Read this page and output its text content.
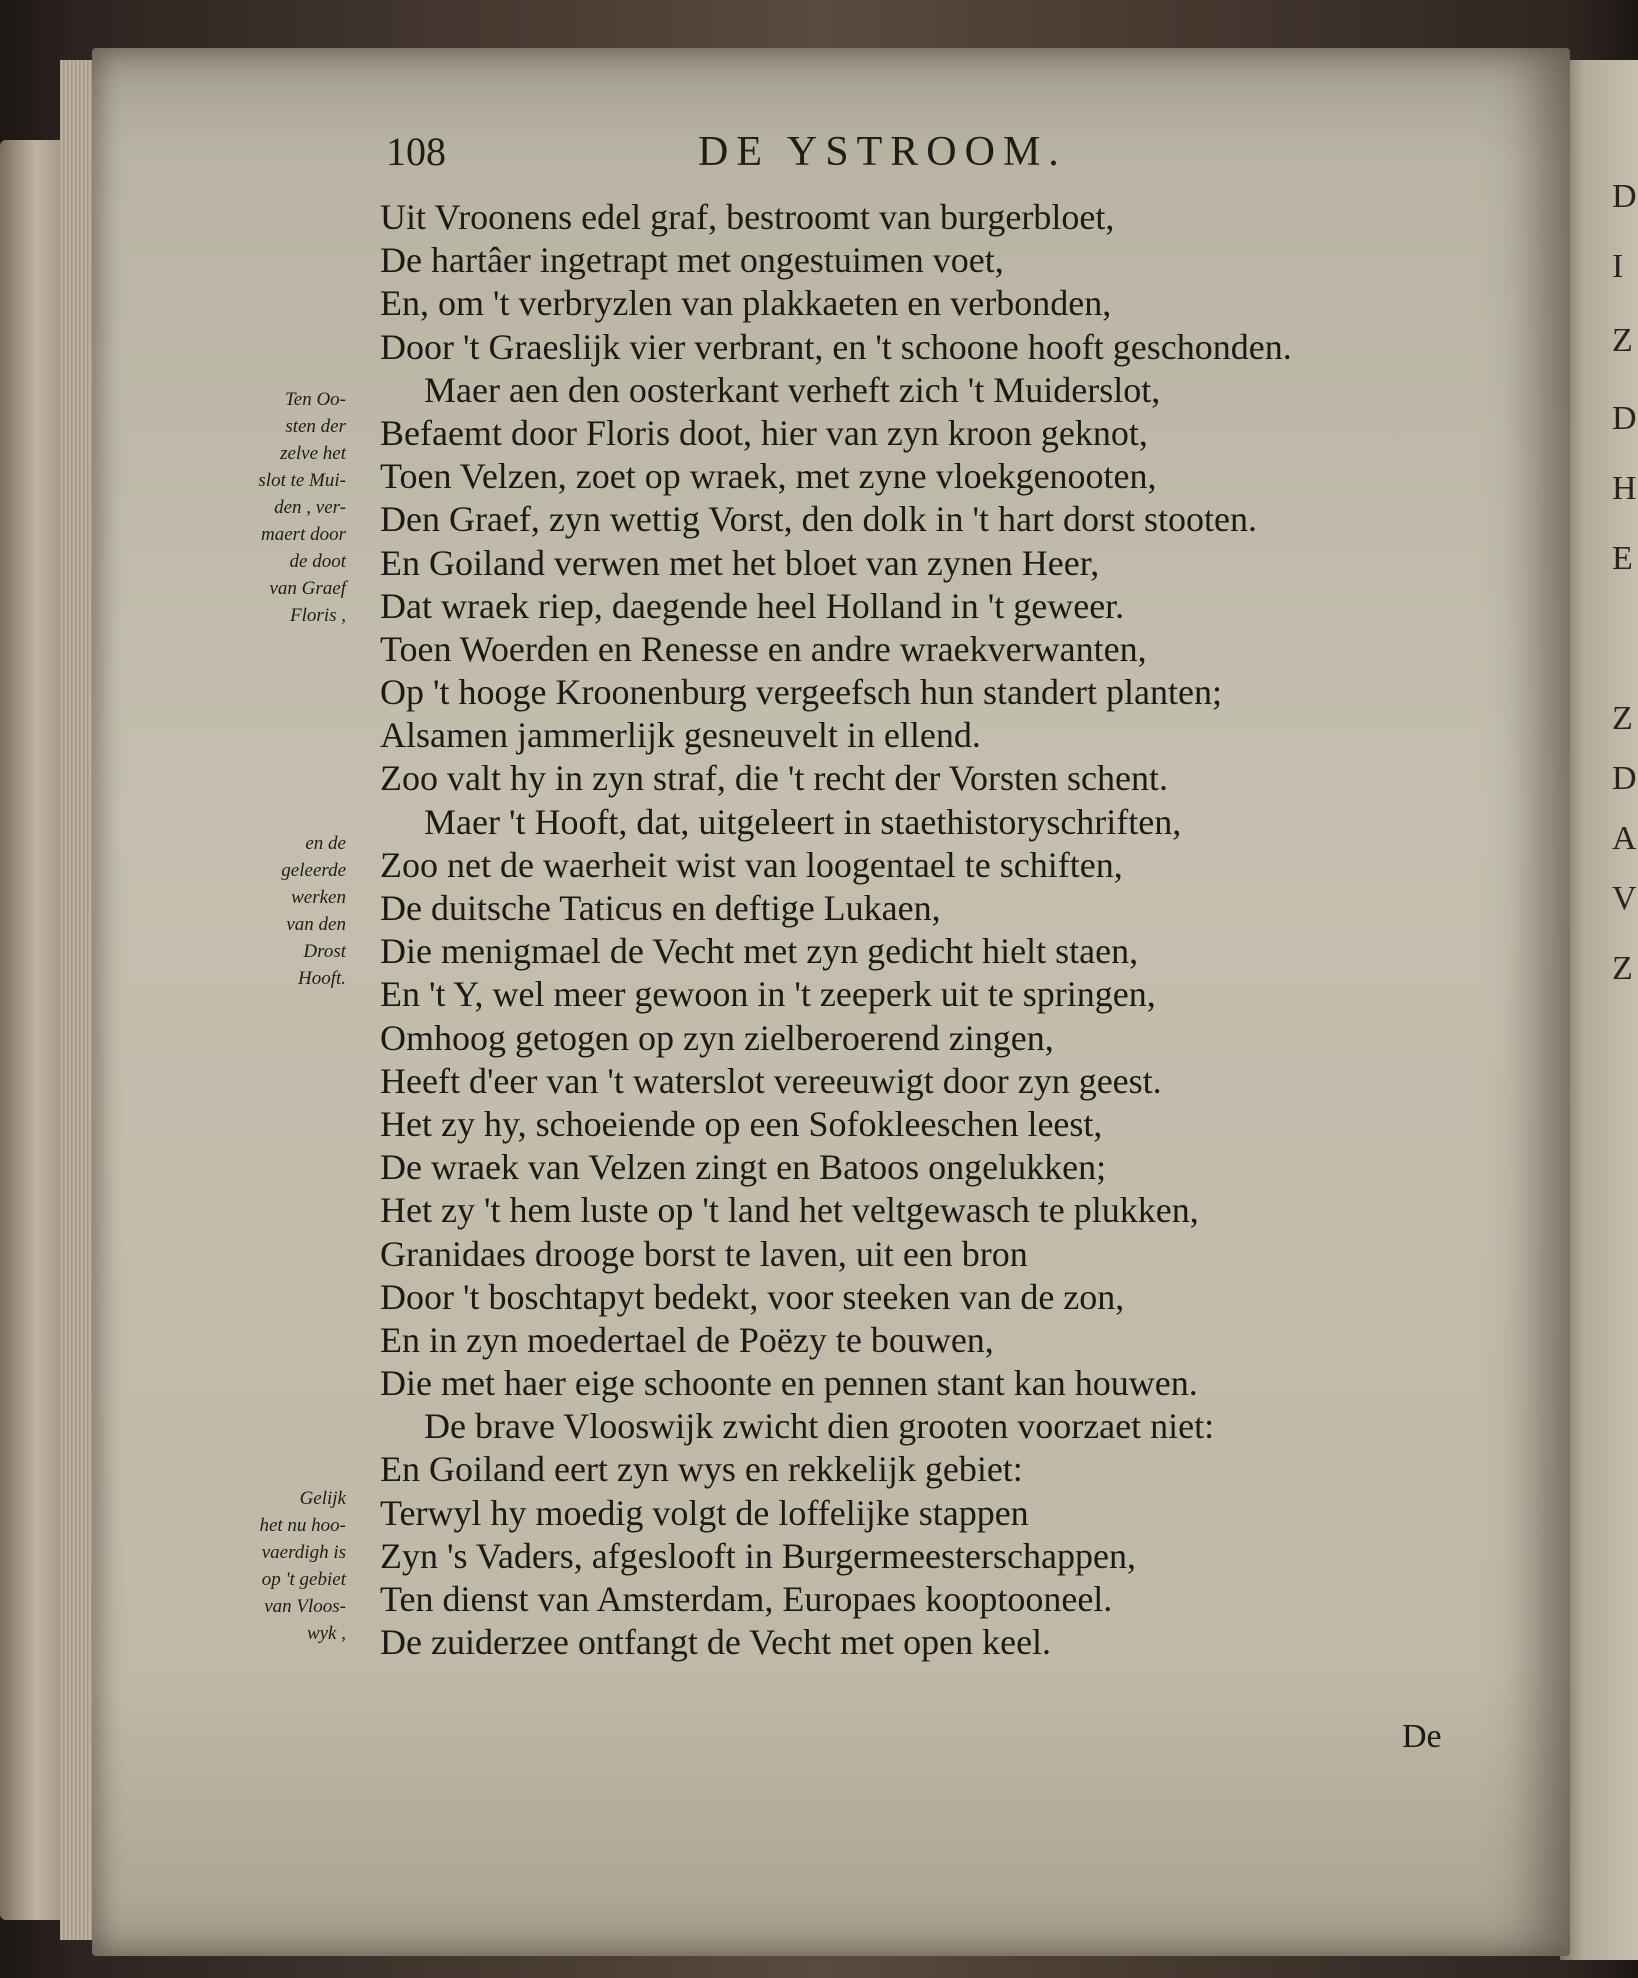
D
I
Z
D
H
E
Z
D
A
V
Z
108	DE YSTROOM.
Uit Vroonens edel graf, bestroomt van burgerbloet,
De hartâer ingetrapt met ongestuimen voet,
En, om 't verbryzlen van plakkaeten en verbonden,
Door 't Graeslijk vier verbrant, en 't schoone hooft geschonden.
Maer aen den oosterkant verheft zich 't Muiderslot,
Befaemt door Floris doot, hier van zyn kroon geknot,
Toen Velzen, zoet op wraek, met zyne vloekgenooten,
Den Graef, zyn wettig Vorst, den dolk in 't hart dorst stooten.
En Goiland verwen met het bloet van zynen Heer,
Dat wraek riep, daegende heel Holland in 't geweer.
Toen Woerden en Renesse en andre wraekverwanten,
Op 't hooge Kroonenburg vergeefsch hun standert planten;
Alsamen jammerlijk gesneuvelt in ellend.
Zoo valt hy in zyn straf, die 't recht der Vorsten schent.
Maer 't Hooft, dat, uitgeleert in staethistoryschriften,
Zoo net de waerheit wist van loogentael te schiften,
De duitsche Taticus en deftige Lukaen,
Die menigmael de Vecht met zyn gedicht hielt staen,
En 't Y, wel meer gewoon in 't zeeperk uit te springen,
Omhoog getogen op zyn zielberoerend zingen,
Heeft d'eer van 't waterslot vereeuwigt door zyn geest.
Het zy hy, schoeiende op een Sofokleeschen leest,
De wraek van Velzen zingt en Batoos ongelukken;
Het zy 't hem luste op 't land het veltgewasch te plukken,
Granidaes drooge borst te laven, uit een bron
Door 't boschtapyt bedekt, voor steeken van de zon,
En in zyn moedertael de Poëzy te bouwen,
Die met haer eige schoonte en pennen stant kan houwen.
De brave Vlooswijk zwicht dien grooten voorzaet niet:
En Goiland eert zyn wys en rekkelijk gebiet:
Terwyl hy moedig volgt de loffelijke stappen
Zyn 's Vaders, afgeslooft in Burgermeesterschappen,
Ten dienst van Amsterdam, Europaes kooptooneel.
De zuiderzee ontfangt de Vecht met open keel.
Ten Oo-
sten der
zelve het
slot te Mui-
den , ver-
maert door
de doot
van Graef
Floris ,
en de
geleerde
werken
van den
Drost
Hooft.
Gelijk
het nu hoo-
vaerdigh is
op 't gebiet
van Vloos-
wyk ,
De
